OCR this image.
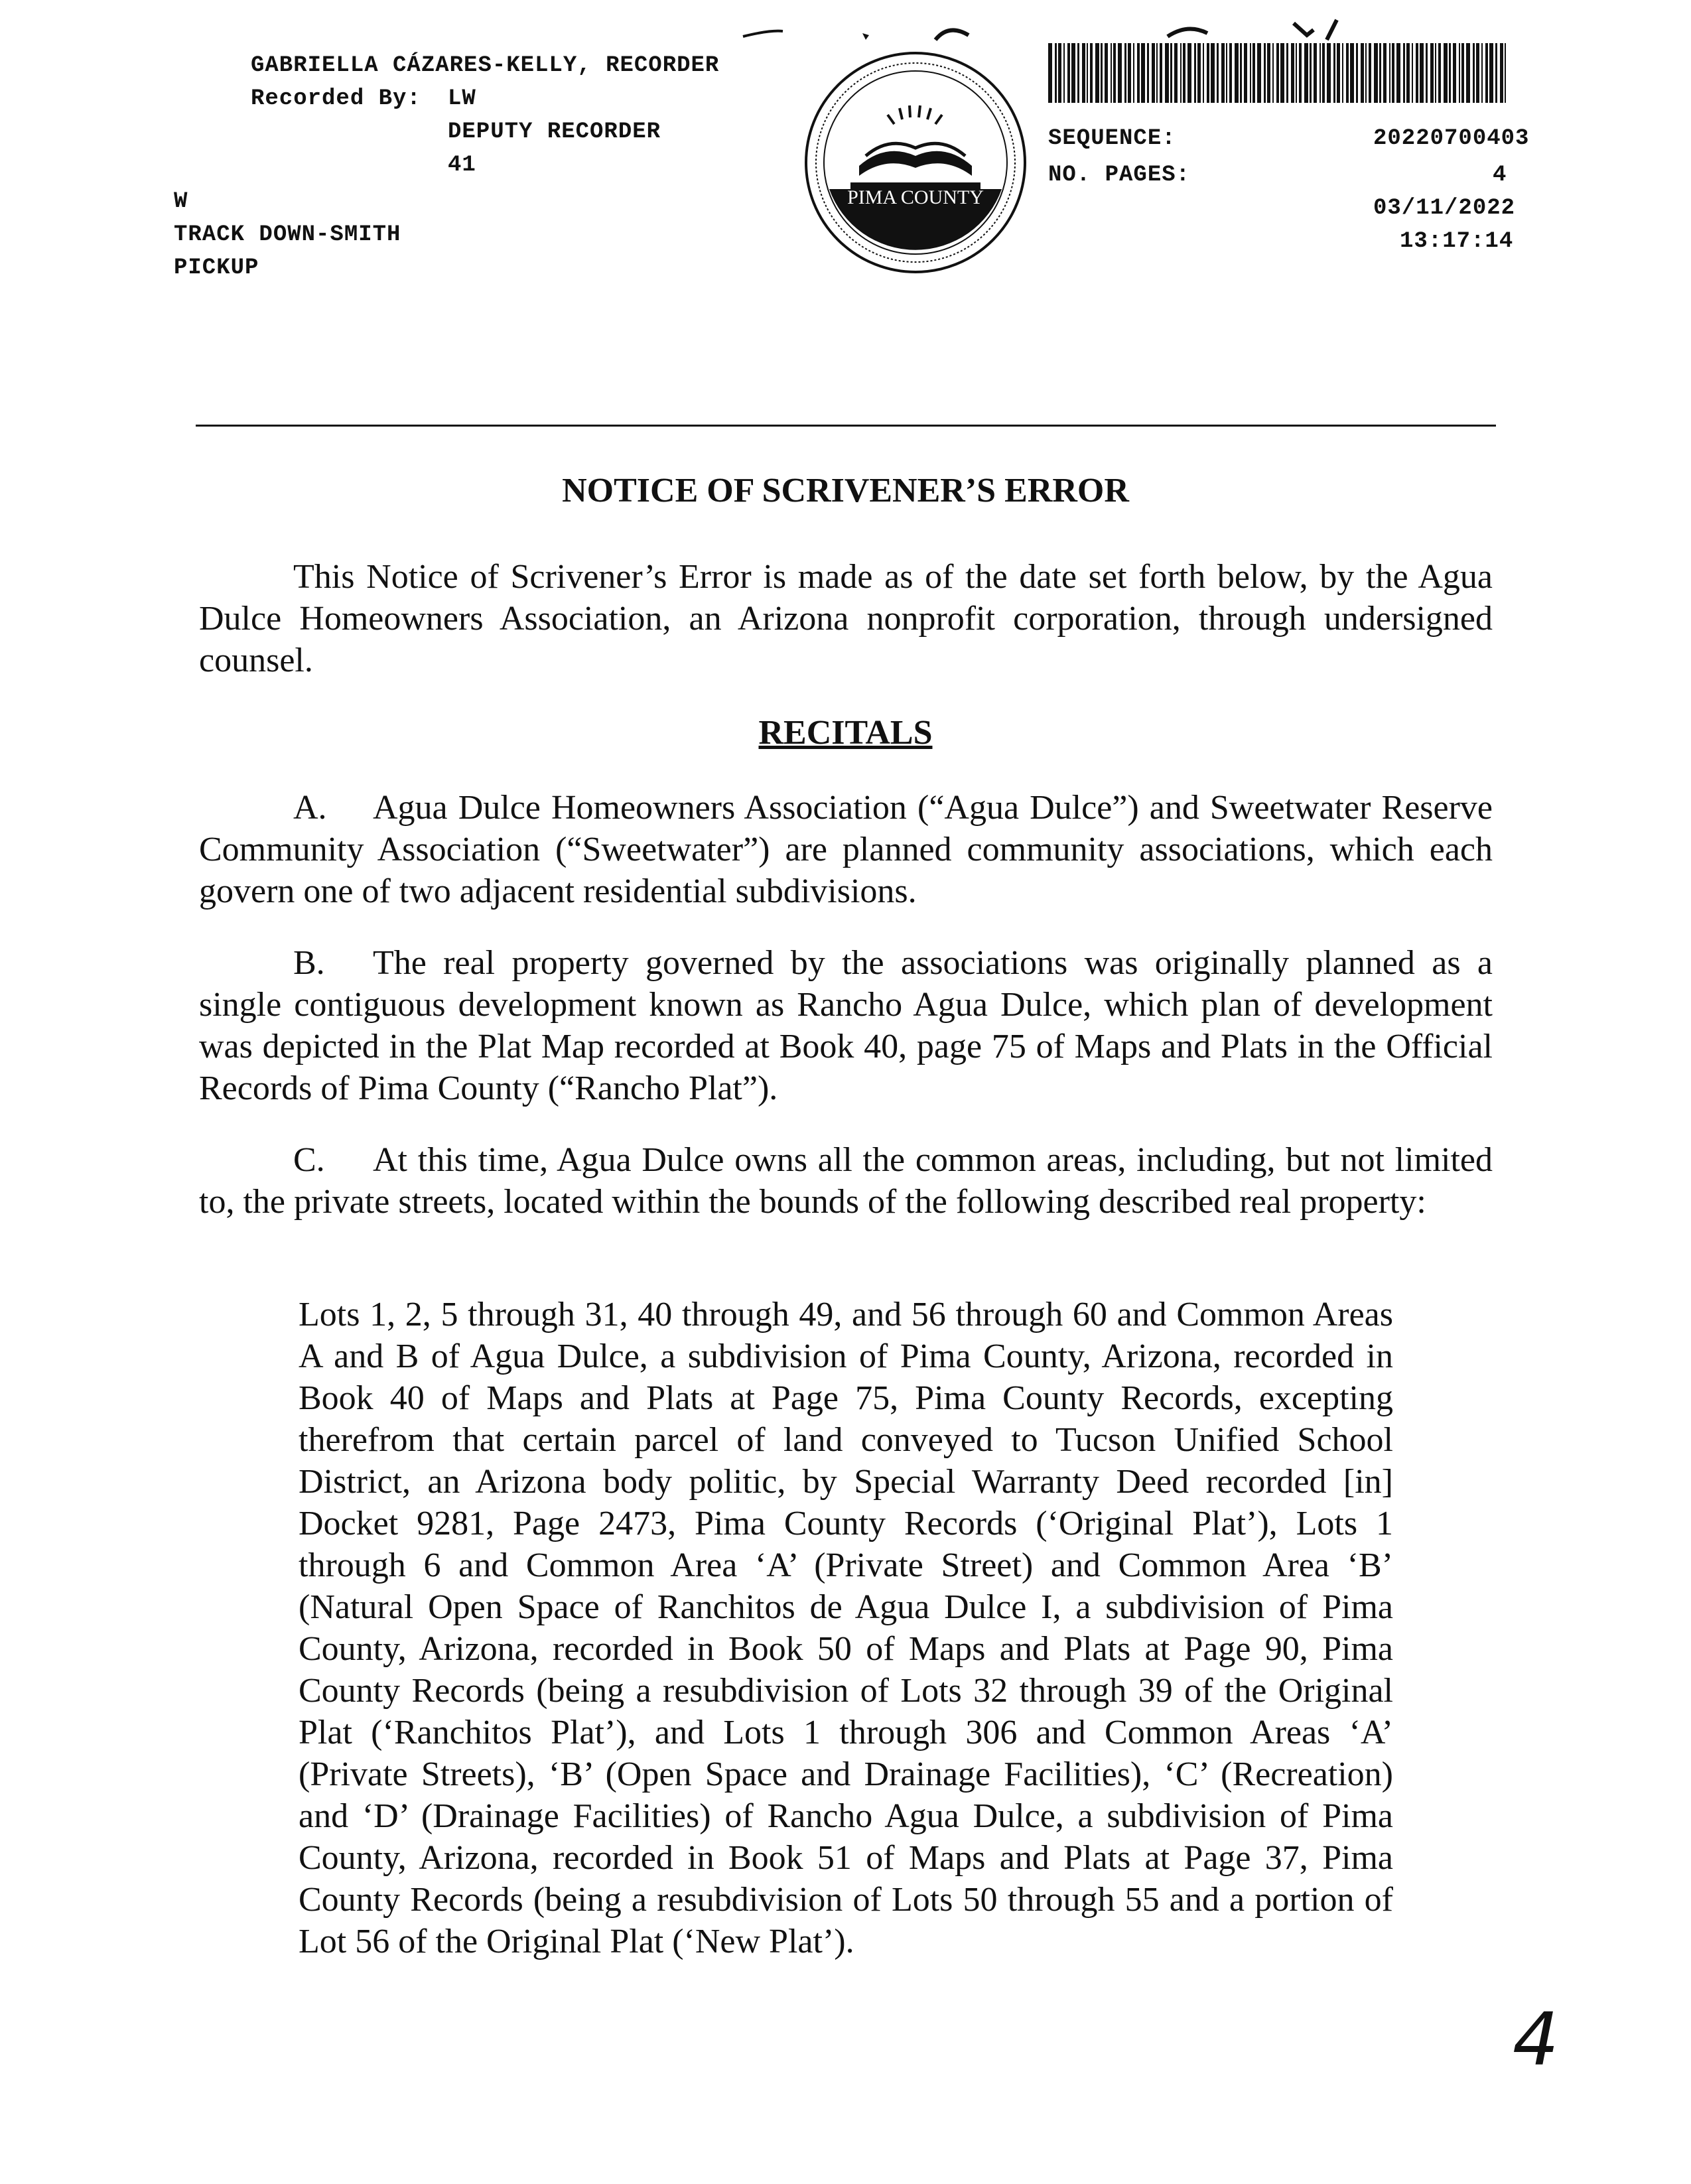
GABRIELLA CÁZARES-KELLY, RECORDER
Recorded By: LW
DEPUTY RECORDER
41
W
TRACK DOWN-SMITH
PICKUP
PIMA COUNTY
SEQUENCE:	20220700403
NO. PAGES:	4
03/11/2022
13:17:14
NOTICE OF SCRIVENER’S ERROR

This Notice of Scrivener’s Error is made as of the date set forth below, by the Agua Dulce Homeowners Association, an Arizona nonprofit corporation, through undersigned counsel.

RECITALS

A. Agua Dulce Homeowners Association (“Agua Dulce”) and Sweetwater Reserve Community Association (“Sweetwater”) are planned community associations, which each govern one of two adjacent residential subdivisions.

B. The real property governed by the associations was originally planned as a single contiguous development known as Rancho Agua Dulce, which plan of development was depicted in the Plat Map recorded at Book 40, page 75 of Maps and Plats in the Official Records of Pima County (“Rancho Plat”).

C. At this time, Agua Dulce owns all the common areas, including, but not limited to, the private streets, located within the bounds of the following described real property:

Lots 1, 2, 5 through 31, 40 through 49, and 56 through 60 and Common Areas A and B of Agua Dulce, a subdivision of Pima County, Arizona, recorded in Book 40 of Maps and Plats at Page 75, Pima County Records, excepting therefrom that certain parcel of land conveyed to Tucson Unified School District, an Arizona body politic, by Special Warranty Deed recorded [in] Docket 9281, Page 2473, Pima County Records (‘Original Plat’), Lots 1 through 6 and Common Area ‘A’ (Private Street) and Common Area ‘B’ (Natural Open Space of Ranchitos de Agua Dulce I, a subdivision of Pima County, Arizona, recorded in Book 50 of Maps and Plats at Page 90, Pima County Records (being a resubdivision of Lots 32 through 39 of the Original Plat (‘Ranchitos Plat’), and Lots 1 through 306 and Common Areas ‘A’ (Private Streets), ‘B’ (Open Space and Drainage Facilities), ‘C’ (Recreation) and ‘D’ (Drainage Facilities) of Rancho Agua Dulce, a subdivision of Pima County, Arizona, recorded in Book 51 of Maps and Plats at Page 37, Pima County Records (being a resubdivision of Lots 50 through 55 and a portion of Lot 56 of the Original Plat (‘New Plat’).

4
